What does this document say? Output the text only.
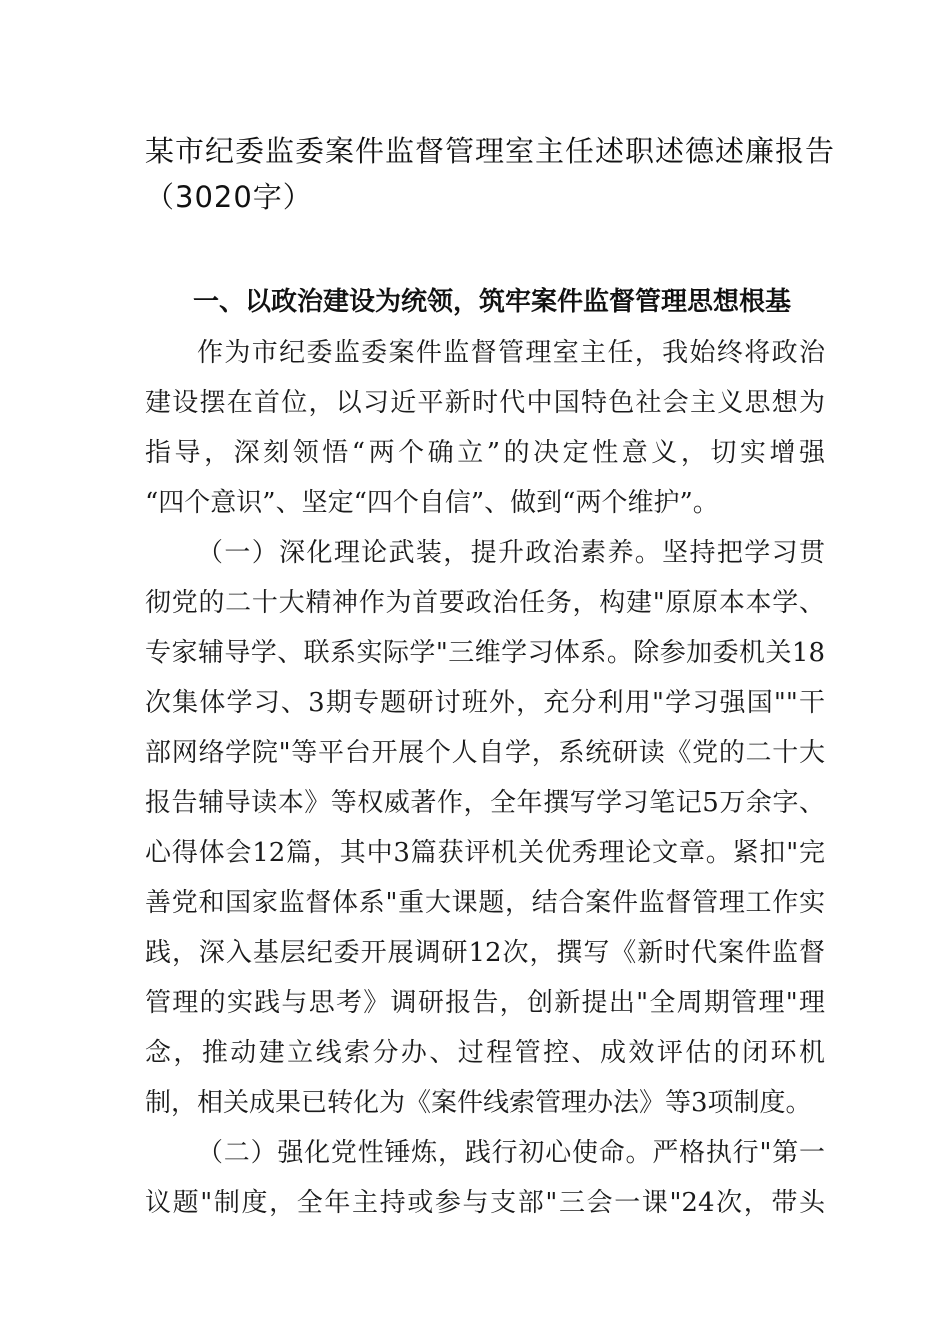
某市纪委监委案件监督管理室主任述职述德述廉报告
（3020字）
一、以政治建设为统领，筑牢案件监督管理思想根基
作为市纪委监委案件监督管理室主任，我始终将政治
建设摆在首位，以习近平新时代中国特色社会主义思想为
指导，深刻领悟“两个确立”的决定性意义，切实增强
“四个意识”、坚定“四个自信”、做到“两个维护”。
（一）深化理论武装，提升政治素养。坚持把学习贯
彻党的二十大精神作为首要政治任务，构建"原原本本学、
专家辅导学、联系实际学"三维学习体系。除参加委机关18
次集体学习、3期专题研讨班外，充分利用"学习强国""干
部网络学院"等平台开展个人自学，系统研读《党的二十大
报告辅导读本》等权威著作，全年撰写学习笔记5万余字、
心得体会12篇，其中3篇获评机关优秀理论文章。紧扣"完
善党和国家监督体系"重大课题，结合案件监督管理工作实
践，深入基层纪委开展调研12次，撰写《新时代案件监督
管理的实践与思考》调研报告，创新提出"全周期管理"理
念，推动建立线索分办、过程管控、成效评估的闭环机
制，相关成果已转化为《案件线索管理办法》等3项制度。
（二）强化党性锤炼，践行初心使命。严格执行"第一
议题"制度，全年主持或参与支部"三会一课"24次，带头
